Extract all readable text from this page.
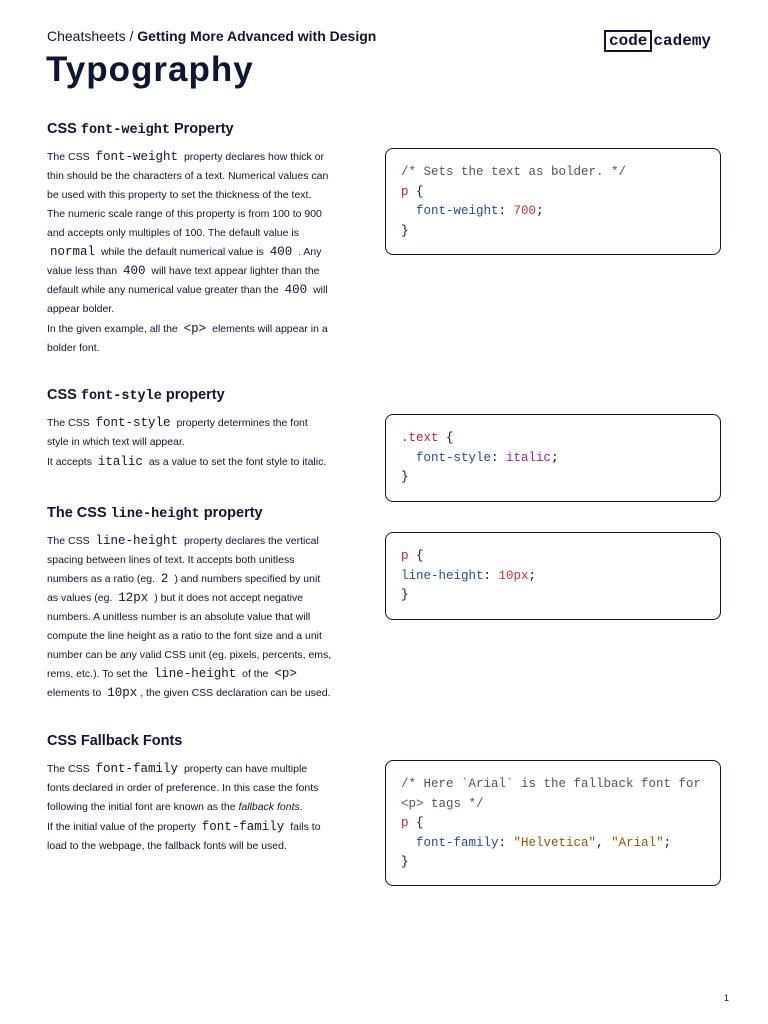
Cheatsheets / Getting More Advanced with Design	code cademy
Typography
CSS font-weight Property

The CSS font-weight property declares how thick or thin should be the characters of a text. Numerical values can be used with this property to set the thickness of the text. The numeric scale range of this property is from 100 to 900 and accepts only multiples of 100. The default value is normal while the default numerical value is 400 . Any value less than 400 will have text appear lighter than the default while any numerical value greater than the 400 will appear bolder.

In the given example, all the <p> elements will appear in a bolder font.

/* Sets the text as bolder. */
p {
font-weight: 700;
}
CSS font-style property

The CSS font-style property determines the font style in which text will appear.

It accepts italic as a value to set the font style to italic.

.text {
font-style: italic;
}
The CSS line-height property

The CSS line-height property declares the vertical spacing between lines of text. It accepts both unitless numbers as a ratio (eg. 2 ) and numbers specified by unit as values (eg. 12px ) but it does not accept negative numbers. A unitless number is an absolute value that will compute the line height as a ratio to the font size and a unit number can be any valid CSS unit (eg. pixels, percents, ems, rems, etc.). To set the line-height of the <p> elements to 10px , the given CSS declaration can be used.

p {
line-height: 10px;
}
CSS Fallback Fonts

The CSS font-family property can have multiple fonts declared in order of preference. In this case the fonts following the initial font are known as the fallback fonts.

If the initial value of the property font-family fails to load to the webpage, the fallback fonts will be used.

/* Here `Arial` is the fallback font for
<p> tags */
p {
font-family: "Helvetica", "Arial";
}
1
